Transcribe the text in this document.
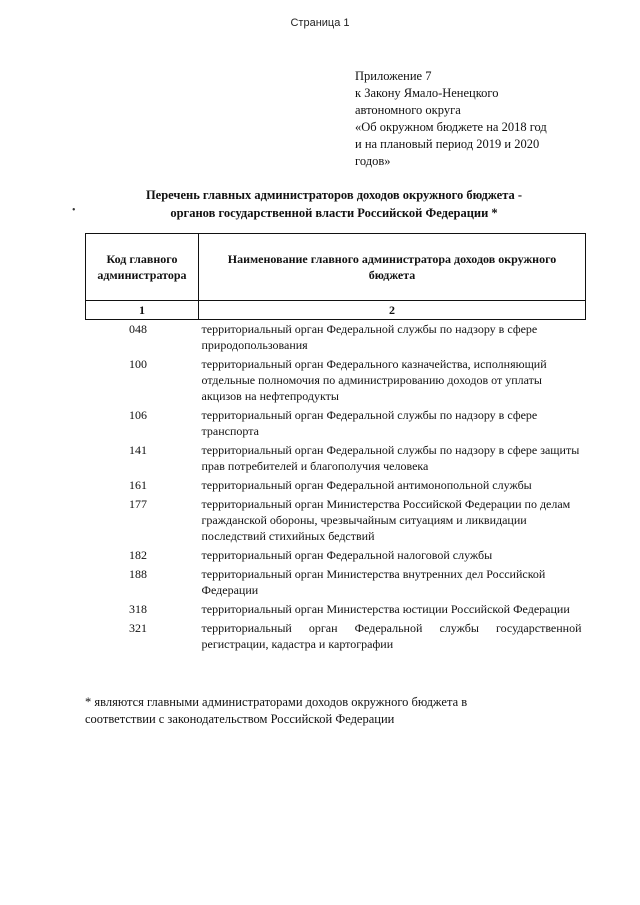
Страница 1
Приложение 7
к Закону Ямало-Ненецкого
автономного округа
«Об окружном бюджете на 2018 год
и на плановый период 2019 и 2020
годов»
Перечень главных администраторов доходов окружного бюджета -
органов государственной власти Российской Федерации *
•
Код главного администратора	Наименование главного администратора доходов окружного бюджета
1	2
048	территориальный орган Федеральной службы по надзору в сфере природопользования
100	территориальный орган Федерального казначейства, исполняющий отдельные полномочия по администрированию доходов от уплаты акцизов на нефтепродукты
106	территориальный орган Федеральной службы по надзору в сфере транспорта
141	территориальный орган Федеральной службы по надзору в сфере защиты прав потребителей и благополучия человека
161	территориальный орган Федеральной антимонопольной службы
177	территориальный орган Министерства Российской Федерации по делам гражданской обороны, чрезвычайным ситуациям и ликвидации последствий стихийных бедствий
182	территориальный орган Федеральной налоговой службы
188	территориальный орган Министерства внутренних дел Российской Федерации
318	территориальный орган Министерства юстиции Российской Федерации
321	территориальный орган Федеральной службы государственной регистрации, кадастра и картографии
* являются главными администраторами доходов окружного бюджета в
соответствии с законодательством Российской Федерации
